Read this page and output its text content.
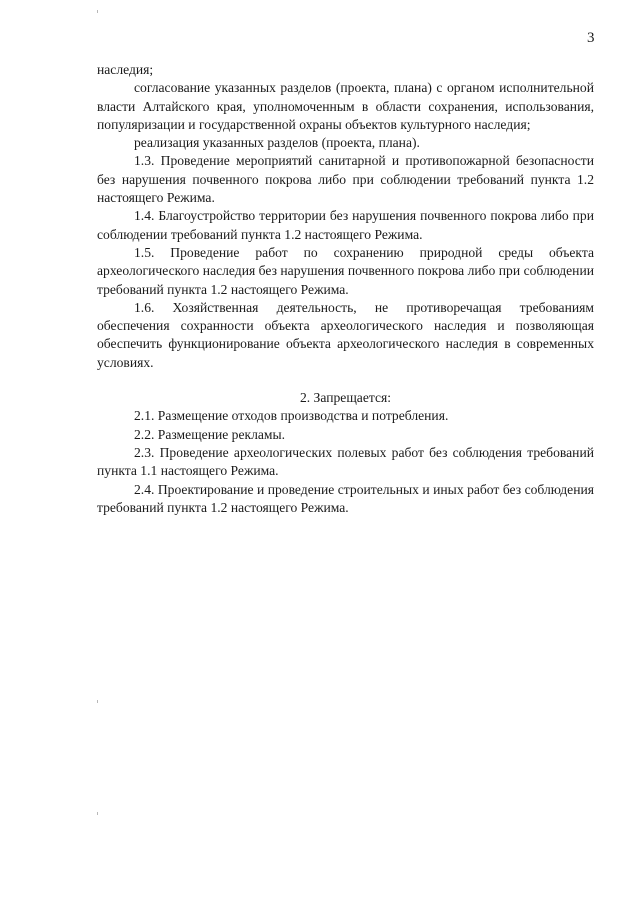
3

наследия;

согласование указанных разделов (проекта, плана) с органом исполнительной власти Алтайского края, уполномоченным в области сохранения, использования, популяризации и государственной охраны объектов культурного наследия;

реализация указанных разделов (проекта, плана).

1.3. Проведение мероприятий санитарной и противопожарной безопасности без нарушения почвенного покрова либо при соблюдении требований пункта 1.2 настоящего Режима.

1.4. Благоустройство территории без нарушения почвенного покрова либо при соблюдении требований пункта 1.2 настоящего Режима.

1.5. Проведение работ по сохранению природной среды объекта археологического наследия без нарушения почвенного покрова либо при соблюдении требований пункта 1.2 настоящего Режима.

1.6. Хозяйственная деятельность, не противоречащая требованиям обеспечения сохранности объекта археологического наследия и позволяющая обеспечить функционирование объекта археологического наследия в современных условиях.

2. Запрещается:

2.1. Размещение отходов производства и потребления.

2.2. Размещение рекламы.

2.3. Проведение археологических полевых работ без соблюдения требований пункта 1.1 настоящего Режима.

2.4. Проектирование и проведение строительных и иных работ без соблюдения требований пункта 1.2 настоящего Режима.
